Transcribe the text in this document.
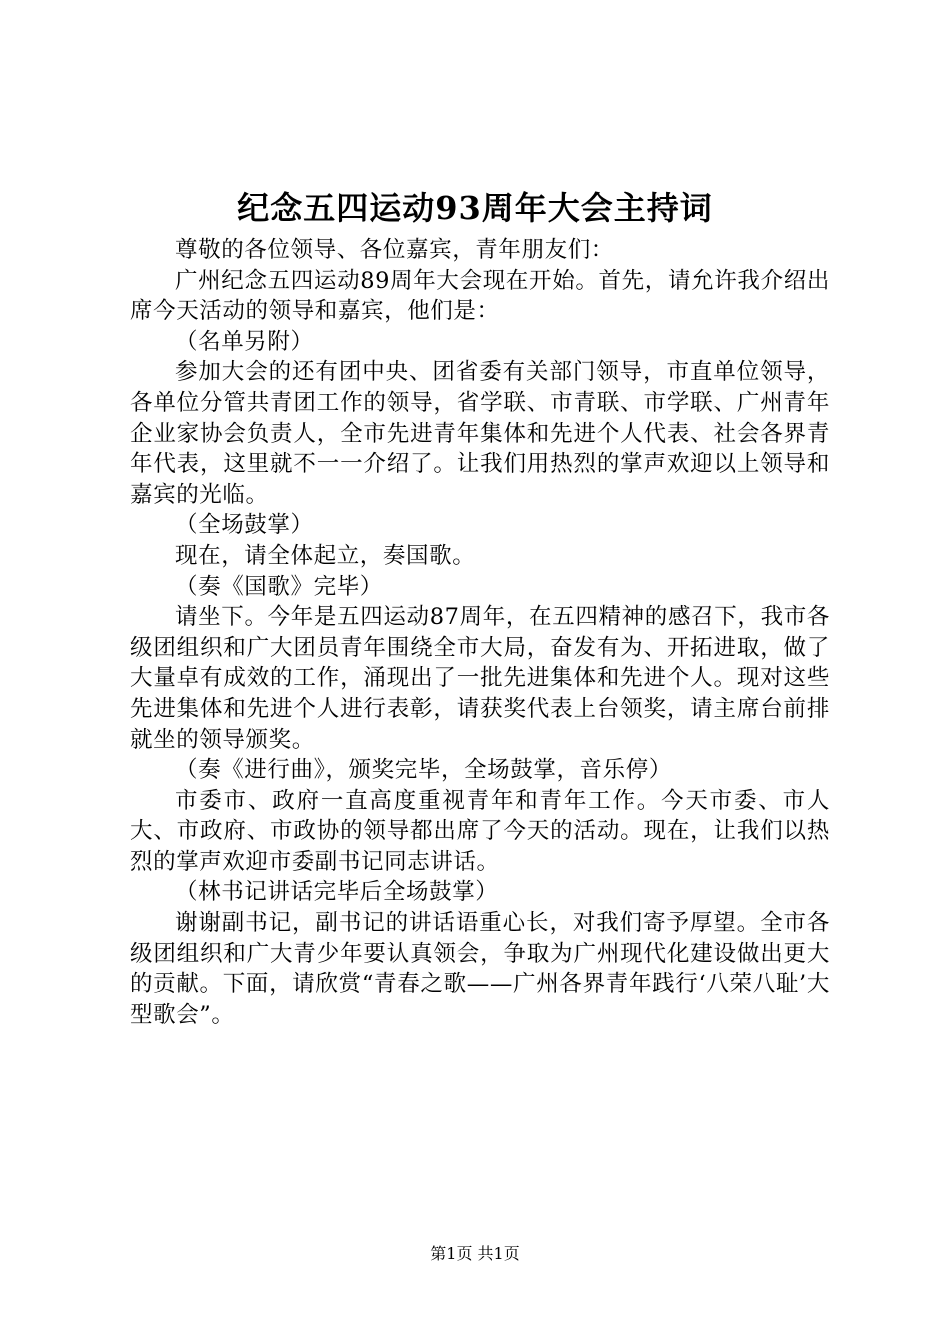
纪念五四运动93周年大会主持词

尊敬的各位领导、各位嘉宾，青年朋友们：

广州纪念五四运动89周年大会现在开始。首先，请允许我介绍出席今天活动的领导和嘉宾，他们是：

（名单另附）

参加大会的还有团中央、团省委有关部门领导，市直单位领导，各单位分管共青团工作的领导，省学联、市青联、市学联、广州青年企业家协会负责人，全市先进青年集体和先进个人代表、社会各界青年代表，这里就不一一介绍了。让我们用热烈的掌声欢迎以上领导和嘉宾的光临。

（全场鼓掌）

现在，请全体起立，奏国歌。

（奏《国歌》完毕）

请坐下。今年是五四运动87周年，在五四精神的感召下，我市各级团组织和广大团员青年围绕全市大局，奋发有为、开拓进取，做了大量卓有成效的工作，涌现出了一批先进集体和先进个人。现对这些先进集体和先进个人进行表彰，请获奖代表上台领奖，请主席台前排就坐的领导颁奖。

（奏《进行曲》，颁奖完毕，全场鼓掌，音乐停）

市委市、政府一直高度重视青年和青年工作。今天市委、市人大、市政府、市政协的领导都出席了今天的活动。现在，让我们以热烈的掌声欢迎市委副书记同志讲话。

（林书记讲话完毕后全场鼓掌）

谢谢副书记，副书记的讲话语重心长，对我们寄予厚望。全市各级团组织和广大青少年要认真领会，争取为广州现代化建设做出更大的贡献。下面，请欣赏“青春之歌——广州各界青年践行‘八荣八耻’大型歌会”。

第1页 共1页
